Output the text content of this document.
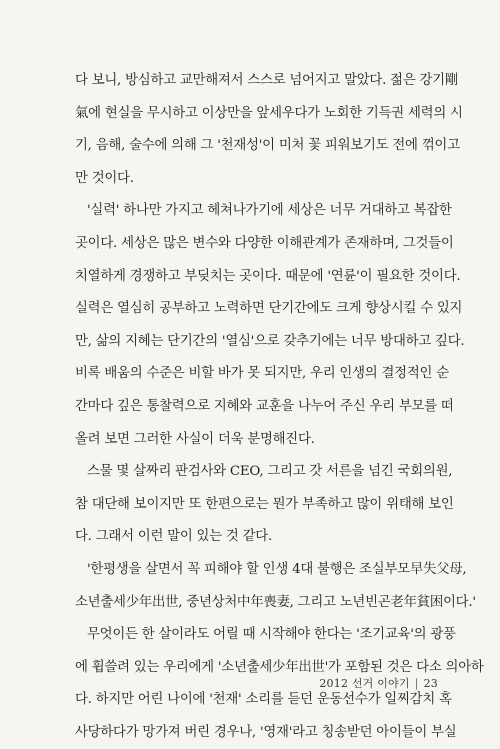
다 보니, 방심하고 교만해져서 스스로 넘어지고 말았다. 젊은 강기剛
氣에 현실을 무시하고 이상만을 앞세우다가 노회한 기득권 세력의 시
기, 음해, 술수에 의해 그 '천재성'이 미처 꽃 피워보기도 전에 꺾이고
만 것이다.
'실력' 하나만 가지고 헤쳐나가기에 세상은 너무 거대하고 복잡한
곳이다. 세상은 많은 변수와 다양한 이해관계가 존재하며, 그것들이
치열하게 경쟁하고 부딪치는 곳이다. 때문에 '연륜'이 필요한 것이다.
실력은 열심히 공부하고 노력하면 단기간에도 크게 향상시킬 수 있지
만, 삶의 지혜는 단기간의 '열심'으로 갖추기에는 너무 방대하고 깊다.
비록 배움의 수준은 비할 바가 못 되지만, 우리 인생의 결정적인 순
간마다 깊은 통찰력으로 지혜와 교훈을 나누어 주신 우리 부모를 떠
올려 보면 그러한 사실이 더욱 분명해진다.
스물 몇 살짜리 판검사와 CEO, 그리고 갓 서른을 넘긴 국회의원,
참 대단해 보이지만 또 한편으로는 뭔가 부족하고 많이 위태해 보인
다. 그래서 이런 말이 있는 것 같다.
'한평생을 살면서 꼭 피해야 할 인생 4대 불행은 조실부모早失父母,
소년출세少年出世, 중년상처中年喪妻, 그리고 노년빈곤老年貧困이다.'
무엇이든 한 살이라도 어릴 때 시작해야 한다는 '조기교육'의 광풍
에 휩쓸려 있는 우리에게 '소년출세少年出世'가 포함된 것은 다소 의아하
다. 하지만 어린 나이에 '천재' 소리를 듣던 운동선수가 일찌감치 혹
사당하다가 망가져 버린 경우나, '영재'라고 칭송받던 아이들이 부실
2012 선거 이야기 | 23
